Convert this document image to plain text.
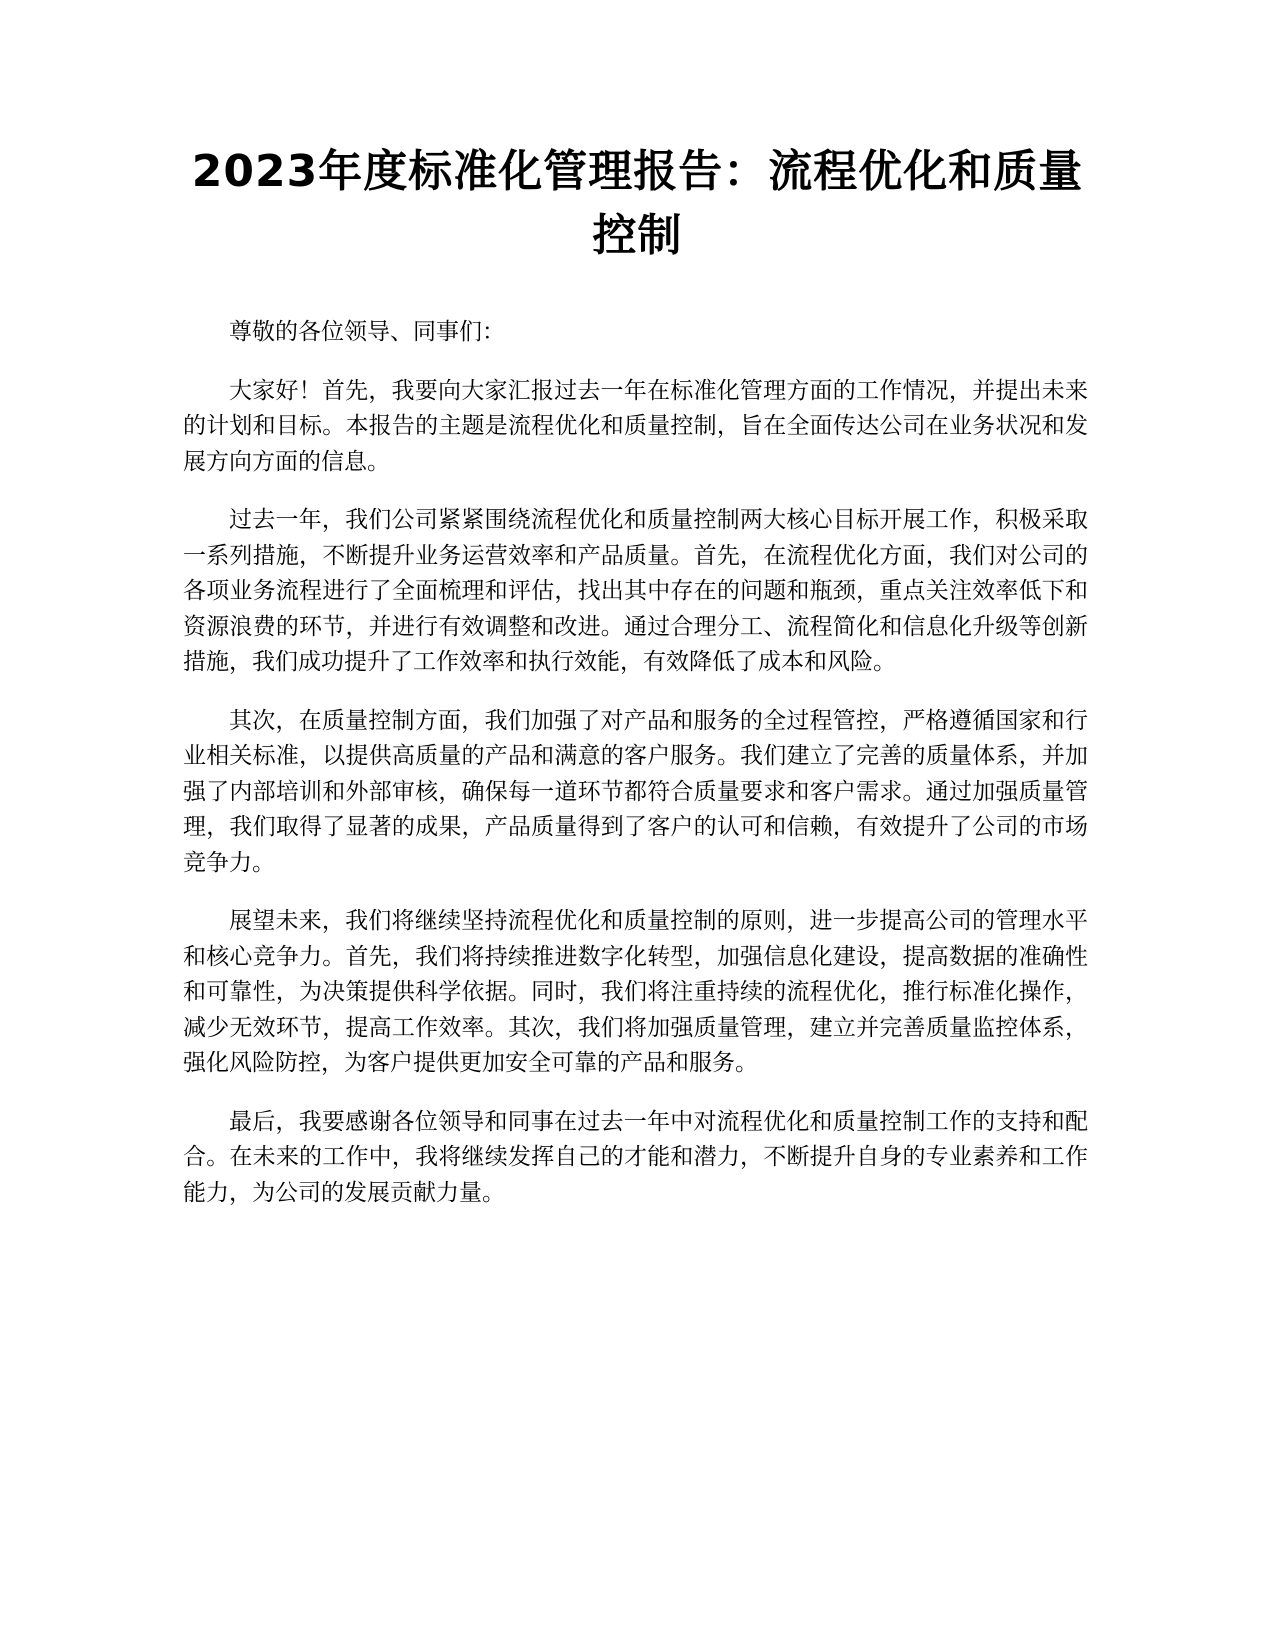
2023年度标准化管理报告：流程优化和质量
控制

尊敬的各位领导、同事们：

大家好！首先，我要向大家汇报过去一年在标准化管理方面的工作情况，并提出未来的计划和目标。本报告的主题是流程优化和质量控制，旨在全面传达公司在业务状况和发展方向方面的信息。

过去一年，我们公司紧紧围绕流程优化和质量控制两大核心目标开展工作，积极采取一系列措施，不断提升业务运营效率和产品质量。首先，在流程优化方面，我们对公司的各项业务流程进行了全面梳理和评估，找出其中存在的问题和瓶颈，重点关注效率低下和资源浪费的环节，并进行有效调整和改进。通过合理分工、流程简化和信息化升级等创新措施，我们成功提升了工作效率和执行效能，有效降低了成本和风险。

其次，在质量控制方面，我们加强了对产品和服务的全过程管控，严格遵循国家和行业相关标准，以提供高质量的产品和满意的客户服务。我们建立了完善的质量体系，并加强了内部培训和外部审核，确保每一道环节都符合质量要求和客户需求。通过加强质量管理，我们取得了显著的成果，产品质量得到了客户的认可和信赖，有效提升了公司的市场竞争力。

展望未来，我们将继续坚持流程优化和质量控制的原则，进一步提高公司的管理水平和核心竞争力。首先，我们将持续推进数字化转型，加强信息化建设，提高数据的准确性和可靠性，为决策提供科学依据。同时，我们将注重持续的流程优化，推行标准化操作，减少无效环节，提高工作效率。其次，我们将加强质量管理，建立并完善质量监控体系，强化风险防控，为客户提供更加安全可靠的产品和服务。

最后，我要感谢各位领导和同事在过去一年中对流程优化和质量控制工作的支持和配合。在未来的工作中，我将继续发挥自己的才能和潜力，不断提升自身的专业素养和工作能力，为公司的发展贡献力量。
